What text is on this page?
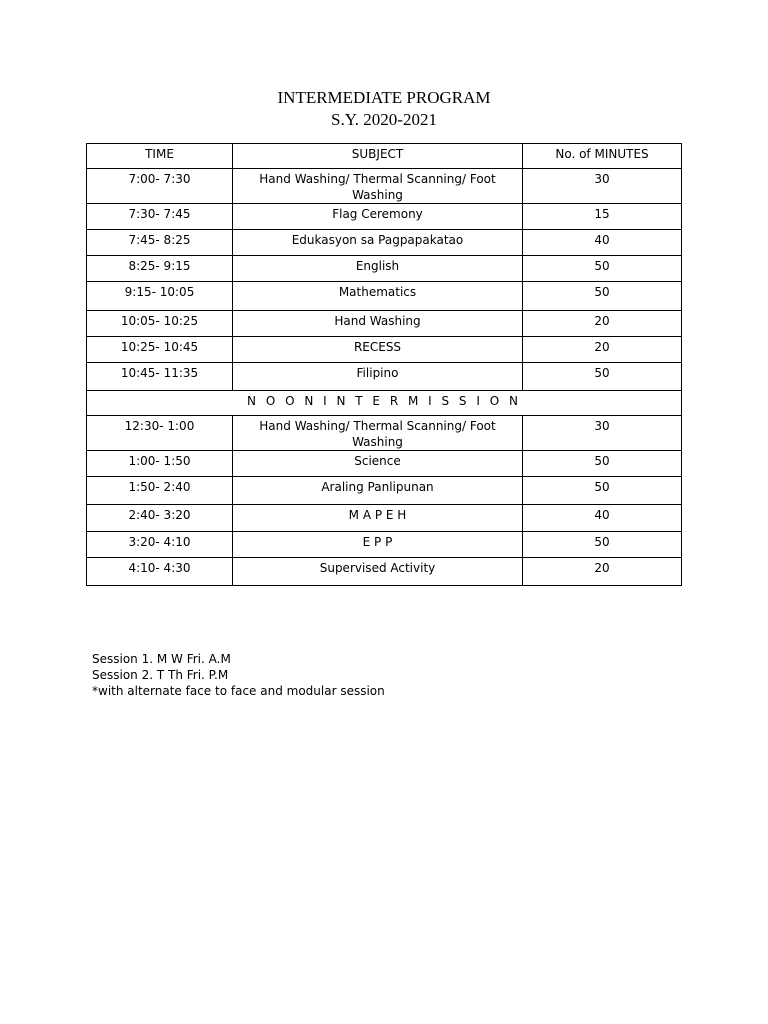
INTERMEDIATE PROGRAM
S.Y. 2020-2021
TIME	SUBJECT	No. of MINUTES
7:00- 7:30	Hand Washing/ Thermal Scanning/ Foot Washing	30
7:30- 7:45	Flag Ceremony	15
7:45- 8:25	Edukasyon sa Pagpapakatao	40
8:25- 9:15	English	50
9:15- 10:05	Mathematics	50
10:05- 10:25	Hand Washing	20
10:25- 10:45	RECESS	20
10:45- 11:35	Filipino	50
N O O N I N T E R M I S S I O N		
12:30- 1:00	Hand Washing/ Thermal Scanning/ Foot Washing	30
1:00- 1:50	Science	50
1:50- 2:40	Araling Panlipunan	50
2:40- 3:20	M A P E H	40
3:20- 4:10	E P P	50
4:10- 4:30	Supervised Activity	20
Session 1. M W Fri. A.M
Session 2. T Th Fri. P.M
*with alternate face to face and modular session
